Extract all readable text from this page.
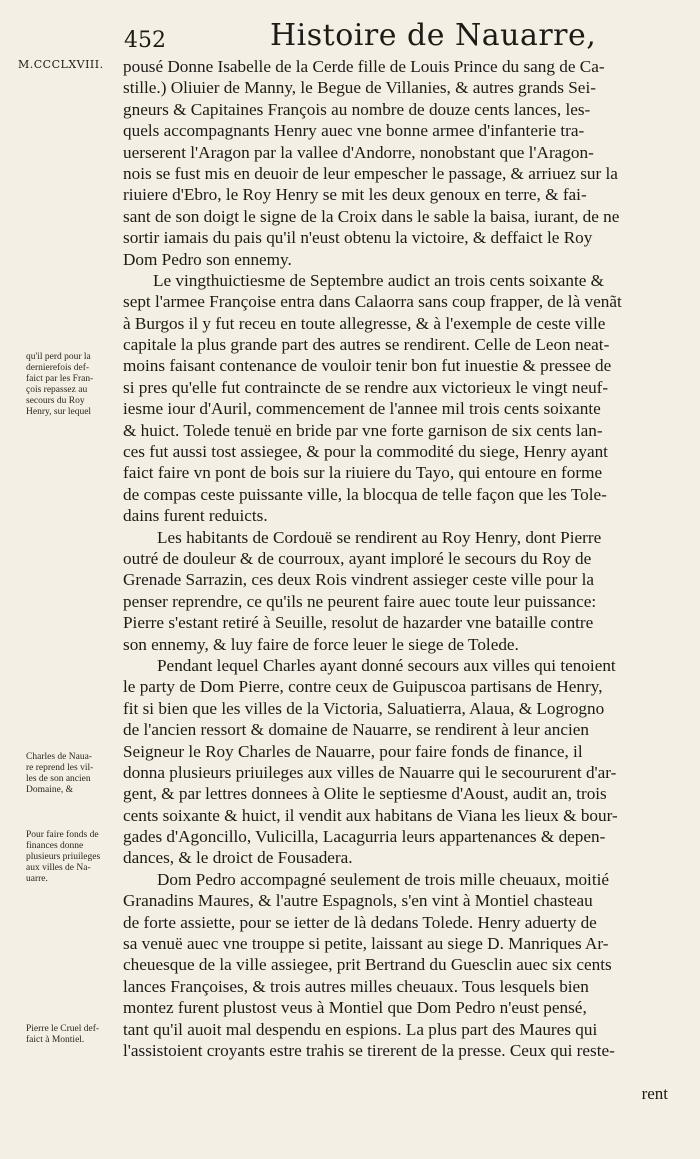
452	Histoire de Nauarre,
M.CCCLXVIII.
qu'il perd pour la
dernierefois def-
faict par les Fran-
çois repassez au
secours du Roy
Henry, sur lequel
Charles de Naua-
re reprend les vil-
les de son ancien
Domaine, &
Pour faire fonds de
finances donne
plusieurs priuileges
aux villes de Na-
uarre.
Pierre le Cruel def-
faict à Montiel.
pousé Donne Isabelle de la Cerde fille de Louis Prince du sang de Ca-
stille.) Oliuier de Manny, le Begue de Villanies, & autres grands Sei-
gneurs & Capitaines François au nombre de douze cents lances, les-
quels accompagnants Henry auec vne bonne armee d'infanterie tra-
uerserent l'Aragon par la vallee d'Andorre, nonobstant que l'Aragon-
nois se fust mis en deuoir de leur empescher le passage, & arriuez sur la
riuiere d'Ebro, le Roy Henry se mit les deux genoux en terre, & fai-
sant de son doigt le signe de la Croix dans le sable la baisa, iurant, de ne
sortir iamais du pais qu'il n'eust obtenu la victoire, & deffaict le Roy
Dom Pedro son ennemy.
Le vingthuictiesme de Septembre audict an trois cents soixante &
sept l'armee Françoise entra dans Calaorra sans coup frapper, de là venãt
à Burgos il y fut receu en toute allegresse, & à l'exemple de ceste ville
capitale la plus grande part des autres se rendirent. Celle de Leon neat-
moins faisant contenance de vouloir tenir bon fut inuestie & pressee de
si pres qu'elle fut contraincte de se rendre aux victorieux le vingt neuf-
iesme iour d'Auril, commencement de l'annee mil trois cents soixante
& huict. Tolede tenuë en bride par vne forte garnison de six cents lan-
ces fut aussi tost assiegee, & pour la commodité du siege, Henry ayant
faict faire vn pont de bois sur la riuiere du Tayo, qui entoure en forme
de compas ceste puissante ville, la blocqua de telle façon que les Tole-
dains furent reduicts.
Les habitants de Cordouë se rendirent au Roy Henry, dont Pierre
outré de douleur & de courroux, ayant imploré le secours du Roy de
Grenade Sarrazin, ces deux Rois vindrent assieger ceste ville pour la
penser reprendre, ce qu'ils ne peurent faire auec toute leur puissance:
Pierre s'estant retiré à Seuille, resolut de hazarder vne bataille contre
son ennemy, & luy faire de force leuer le siege de Tolede.
Pendant lequel Charles ayant donné secours aux villes qui tenoient
le party de Dom Pierre, contre ceux de Guipuscoa partisans de Henry,
fit si bien que les villes de la Victoria, Saluatierra, Alaua, & Logrogno
de l'ancien ressort & domaine de Nauarre, se rendirent à leur ancien
Seigneur le Roy Charles de Nauarre, pour faire fonds de finance, il
donna plusieurs priuileges aux villes de Nauarre qui le secoururent d'ar-
gent, & par lettres donnees à Olite le septiesme d'Aoust, audit an, trois
cents soixante & huict, il vendit aux habitans de Viana les lieux & bour-
gades d'Agoncillo, Vulicilla, Lacagurria leurs appartenances & depen-
dances, & le droict de Fousadera.
Dom Pedro accompagné seulement de trois mille cheuaux, moitié
Granadins Maures, & l'autre Espagnols, s'en vint à Montiel chasteau
de forte assiette, pour se ietter de là dedans Tolede. Henry aduerty de
sa venuë auec vne trouppe si petite, laissant au siege D. Manriques Ar-
cheuesque de la ville assiegee, prit Bertrand du Guesclin auec six cents
lances Françoises, & trois autres milles cheuaux. Tous lesquels bien
montez furent plustost veus à Montiel que Dom Pedro n'eust pensé,
tant qu'il auoit mal despendu en espions. La plus part des Maures qui
l'assistoient croyants estre trahis se tirerent de la presse. Ceux qui reste-
rent
